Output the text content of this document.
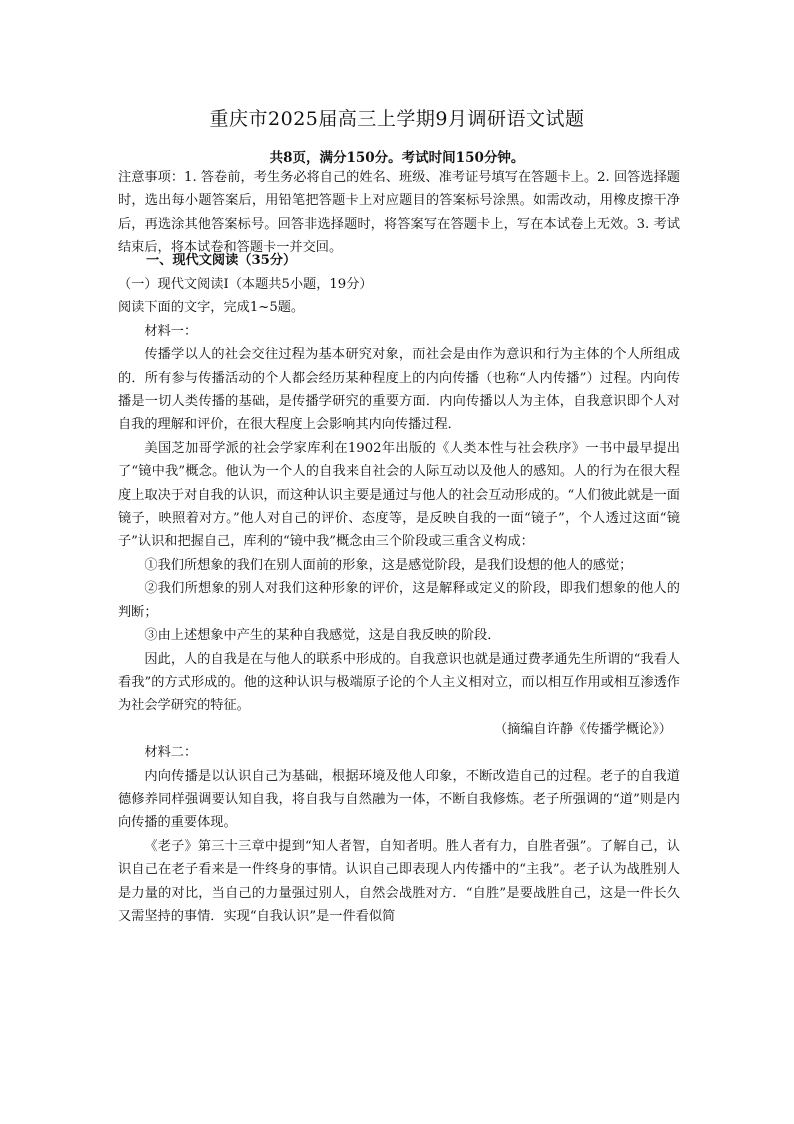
重庆市2025届高三上学期9月调研语文试题
共8页，满分150分。考试时间150分钟。

注意事项：1. 答卷前，考生务必将自己的姓名、班级、准考证号填写在答题卡上。2. 回答选择题时，选出每小题答案后，用铅笔把答题卡上对应题目的答案标号涂黑。如需改动，用橡皮擦干净后，再选涂其他答案标号。回答非选择题时，将答案写在答题卡上，写在本试卷上无效。3. 考试结束后，将本试卷和答题卡一并交回。

一、现代文阅读（35分）

（一）现代文阅读Ⅰ（本题共5小题，19分）

阅读下面的文字，完成1~5题。

材料一：

传播学以人的社会交往过程为基本研究对象，而社会是由作为意识和行为主体的个人所组成的．所有参与传播活动的个人都会经历某种程度上的内向传播（也称“人内传播”）过程。内向传播是一切人类传播的基础，是传播学研究的重要方面．内向传播以人为主体，自我意识即个人对自我的理解和评价，在很大程度上会影响其内向传播过程．

美国芝加哥学派的社会学家库利在1902年出版的《人类本性与社会秩序》一书中最早提出了“镜中我”概念。他认为一个人的自我来自社会的人际互动以及他人的感知。人的行为在很大程度上取决于对自我的认识，而这种认识主要是通过与他人的社会互动形成的。“人们彼此就是一面镜子，映照着对方。”他人对自己的评价、态度等，是反映自我的一面“镜子”，个人透过这面“镜子”认识和把握自己，库利的“镜中我”概念由三个阶段或三重含义构成：

①我们所想象的我们在别人面前的形象，这是感觉阶段，是我们设想的他人的感觉；

②我们所想象的别人对我们这种形象的评价，这是解释或定义的阶段，即我们想象的他人的判断；

③由上述想象中产生的某种自我感觉，这是自我反映的阶段．

因此，人的自我是在与他人的联系中形成的。自我意识也就是通过费孝通先生所谓的“我看人看我”的方式形成的。他的这种认识与极端原子论的个人主义相对立，而以相互作用或相互渗透作为社会学研究的特征。

（摘编自许静《传播学概论》）

材料二：

内向传播是以认识自己为基础，根据环境及他人印象，不断改造自己的过程。老子的自我道德修养同样强调要认知自我，将自我与自然融为一体，不断自我修炼。老子所强调的“道”则是内向传播的重要体现。

《老子》第三十三章中提到“知人者智，自知者明。胜人者有力，自胜者强”。了解自己，认识自己在老子看来是一件终身的事情。认识自己即表现人内传播中的“主我”。老子认为战胜别人是力量的对比，当自己的力量强过别人，自然会战胜对方．“自胜”是要战胜自己，这是一件长久又需坚持的事情．实现“自我认识”是一件看似简
